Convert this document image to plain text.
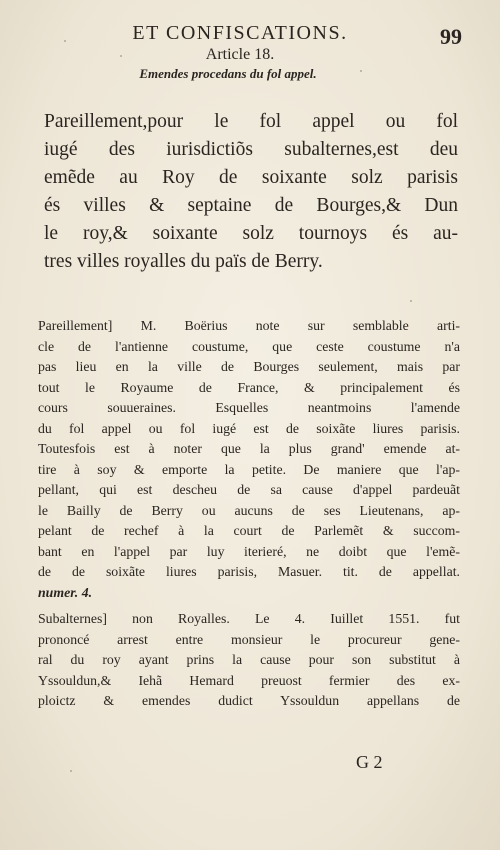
ET CONFISCATIONS.	99
Article 18.
Emendes procedans du fol appel.
Pareillement,pour le fol appel ou fol
iugé des iurisdictiõs subalternes,est deu
emẽde au Roy de soixante solz parisis
és villes & septaine de Bourges,& Dun
le roy,& soixante solz tournoys és au-
tres villes royalles du païs de Berry.
Pareillement] M. Boërius note sur semblable arti-
cle de l'antienne coustume, que ceste coustume n'a
pas lieu en la ville de Bourges seulement, mais par
tout le Royaume de France, & principalement és
cours souueraines. Esquelles neantmoins l'amende
du fol appel ou fol iugé est de soixãte liures parisis.
Toutesfois est à noter que la plus grand' emende at-
tire à soy & emporte la petite. De maniere que l'ap-
pellant, qui est descheu de sa cause d'appel pardeuãt
le Bailly de Berry ou aucuns de ses Lieutenans, ap-
pelant de rechef à la court de Parlemẽt & succom-
bant en l'appel par luy iterieré, ne doibt que l'emẽ-
de de soixãte liures parisis, Masuer. tit. de appellat.
numer. 4.
Subalternes] non Royalles. Le 4. Iuillet 1551. fut
prononcé arrest entre monsieur le procureur gene-
ral du roy ayant prins la cause pour son substitut à
Yssouldun,& Iehã Hemard preuost fermier des ex-
ploictz & emendes dudict Yssouldun appellans de
G 2
